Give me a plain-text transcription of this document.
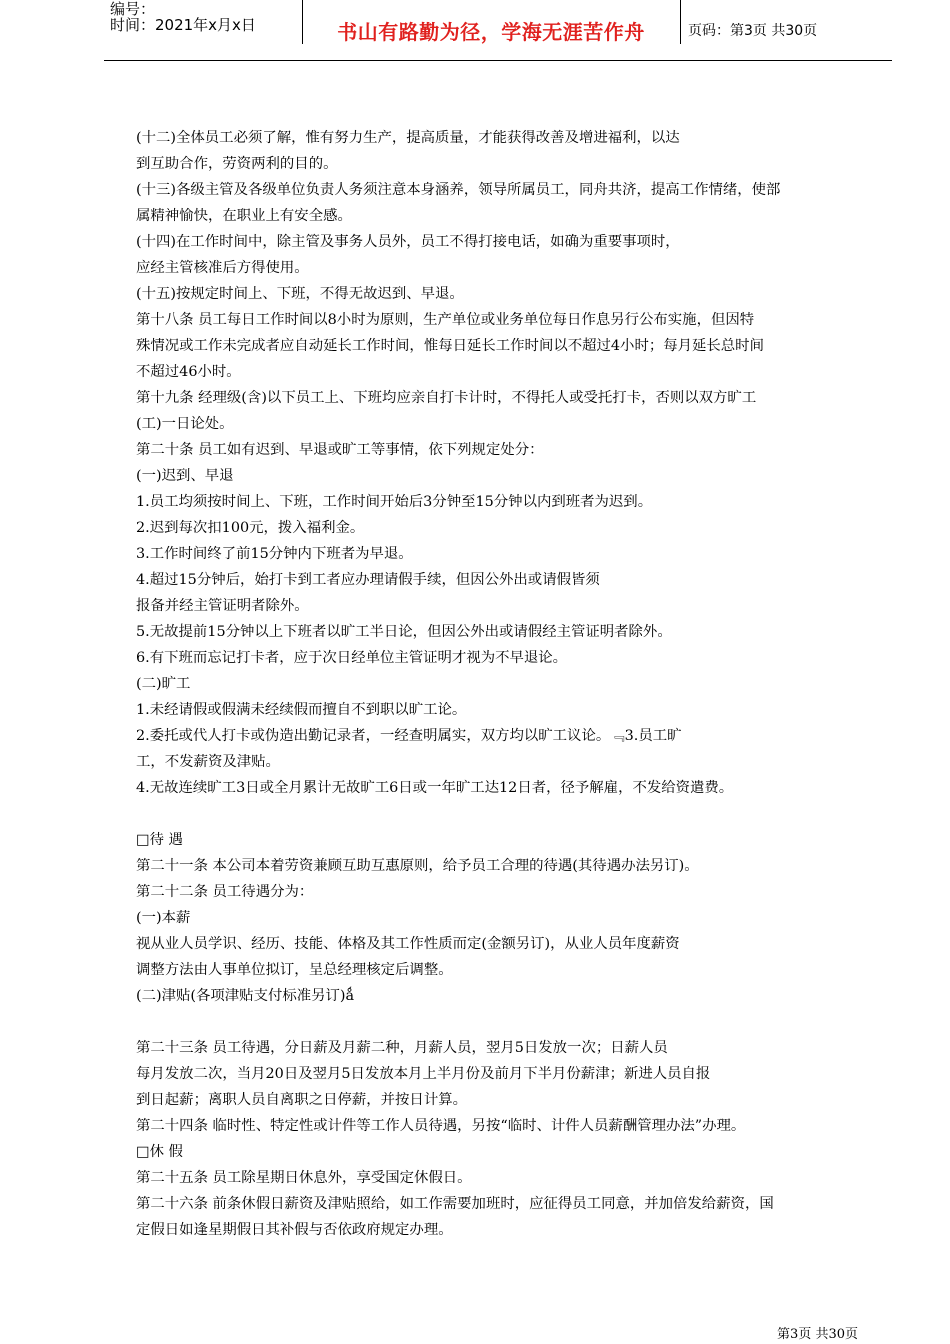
编号：
时间：2021年x月x日	书山有路勤为径，学海无涯苦作舟	页码：第3页 共30页

(十二)全体员工必须了解，惟有努力生产，提高质量，才能获得改善及增进福利，以达

到互助合作，劳资两利的目的。

(十三)各级主管及各级单位负责人务须注意本身涵养，领导所属员工，同舟共济，提高工作情绪，使部

属精神愉快，在职业上有安全感。

(十四)在工作时间中，除主管及事务人员外，员工不得打接电话，如确为重要事项时，

应经主管核准后方得使用。

(十五)按规定时间上、下班，不得无故迟到、早退。

第十八条 员工每日工作时间以8小时为原则，生产单位或业务单位每日作息另行公布实施，但因特

殊情况或工作未完成者应自动延长工作时间，惟每日延长工作时间以不超过4小时；每月延长总时间

不超过46小时。

第十九条 经理级(含)以下员工上、下班均应亲自打卡计时，不得托人或受托打卡，否则以双方旷工

(工)一日论处。

第二十条 员工如有迟到、早退或旷工等事情，依下列规定处分：

(一)迟到、早退

1.员工均须按时间上、下班，工作时间开始后3分钟至15分钟以内到班者为迟到。

2.迟到每次扣100元，拨入福利金。

3.工作时间终了前15分钟内下班者为早退。

4.超过15分钟后，始打卡到工者应办理请假手续，但因公外出或请假皆须

报备并经主管证明者除外。

5.无故提前15分钟以上下班者以旷工半日论，但因公外出或请假经主管证明者除外。

6.有下班而忘记打卡者，应于次日经单位主管证明才视为不早退论。

(二)旷工

1.未经请假或假满未经续假而擅自不到职以旷工论。

2.委托或代人打卡或伪造出勤记录者，一经查明属实，双方均以旷工议论。﹃3.员工旷

工，不发薪资及津贴。

4.无故连续旷工3日或全月累计无故旷工6日或一年旷工达12日者，径予解雇，不发给资遣费。

□待 遇

第二十一条 本公司本着劳资兼顾互助互惠原则，给予员工合理的待遇(其待遇办法另订)。

第二十二条 员工待遇分为：

(一)本薪

视从业人员学识、经历、技能、体格及其工作性质而定(金额另订)，从业人员年度薪资

调整方法由人事单位拟订，呈总经理核定后调整。

(二)津贴(各项津贴支付标准另订)ǻ

第二十三条 员工待遇，分日薪及月薪二种，月薪人员，翌月5日发放一次；日薪人员

每月发放二次，当月20日及翌月5日发放本月上半月份及前月下半月份薪津；新进人员自报

到日起薪；离职人员自离职之日停薪，并按日计算。

第二十四条 临时性、特定性或计件等工作人员待遇，另按“临时、计件人员薪酬管理办法”办理。

□休 假

第二十五条 员工除星期日休息外，享受国定休假日。

第二十六条 前条休假日薪资及津贴照给，如工作需要加班时，应征得员工同意，并加倍发给薪资，国

定假日如逢星期假日其补假与否依政府规定办理。

第3页 共30页
